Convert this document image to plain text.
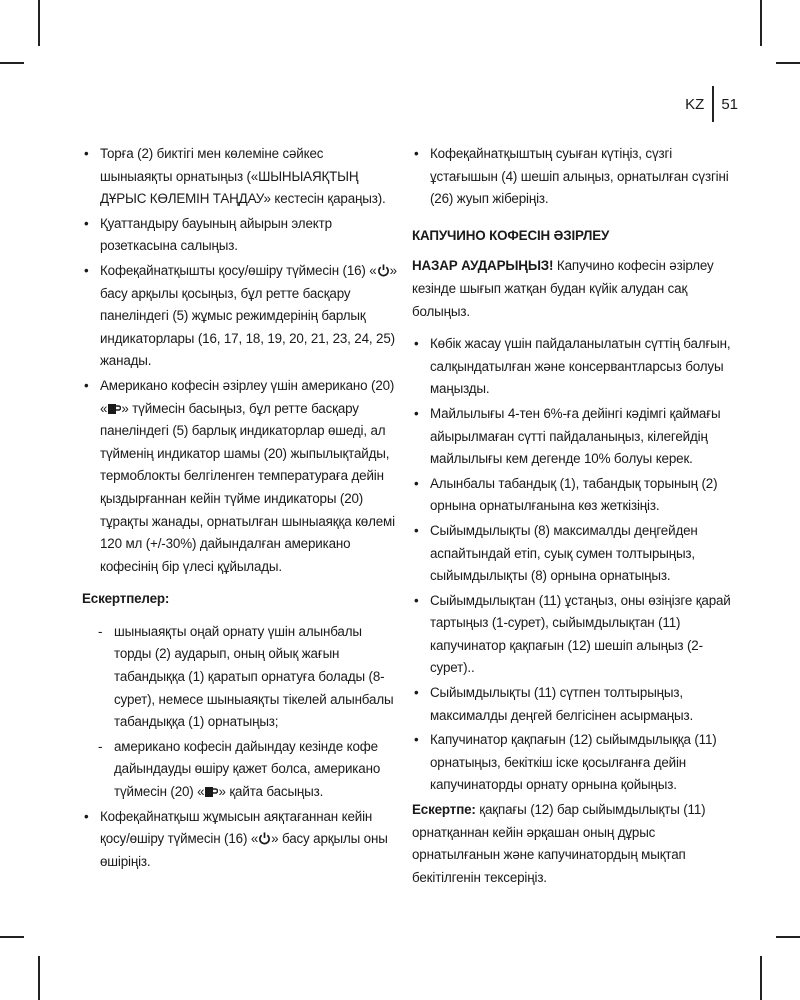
KZ 51
• Торға (2) биктігі мен көлеміне сәйкес шыныаяқты орнатыңыз («ШЫНЫАЯҚТЫҢ ДҰРЫС КӨЛЕМІН ТАҢДАУ» кестесін қараңыз).
• Қуаттандыру бауының айырын электр розеткасына салыңыз.
• Кофеқайнатқышты қосу/өшіру түймесін (16) « » басу арқылы қосыңыз, бұл ретте басқару панеліндегі (5) жұмыс режимдерінің барлық индикаторлары (16, 17, 18, 19, 20, 21, 23, 24, 25) жанады.
• Американо кофесін әзірлеу үшін американо (20) « » түймесін басыңыз, бұл ретте басқару панеліндегі (5) барлық индикаторлар өшеді, ал түйменің индикатор шамы (20) жыпылықтайды, термоблокты белгіленген температураға дейін қыздырғаннан кейін түйме индикаторы (20) тұрақты жанады, орнатылған шыныаяққа көлемі 120 мл (+/-30%) дайындалған американо кофесінің бір үлесі құйылады.
Ескертпелер:
- шыныаяқты оңай орнату үшін алынбалы торды (2) аударып, оның ойық жағын табандыққа (1) қаратып орнатуға болады (8-сурет), немесе шыныаяқты тікелей алынбалы табандыққа (1) орнатыңыз;
- американо кофесін дайындау кезінде кофе дайындауды өшіру қажет болса, американо түймесін (20) « » қайта басыңыз.
• Кофеқайнатқыш жұмысын аяқтағаннан кейін қосу/өшіру түймесін (16) « » басу арқылы оны өшіріңіз.
• Кофеқайнатқыштың суыған күтіңіз, сүзгі ұстағышын (4) шешіп алыңыз, орнатылған сүзгіні (26) жуып жіберіңіз.
КАПУЧИНО КОФЕСІН ӘЗІРЛЕУ

НАЗАР АУДАРЫҢЫЗ! Капучино кофесін әзірлеу кезінде шығып жатқан будан күйік алудан сақ болыңыз.

• Көбік жасау үшін пайдаланылатын сүттің балғын, салқындатылған және консервантларсыз болуы маңызды.
• Майлылығы 4-тен 6%-ға дейінгі кәдімгі қаймағы айырылмаған сүтті пайдаланыңыз, кілегейдің майлылығы кем дегенде 10% болуы керек.
• Алынбалы табандық (1), табандық торының (2) орнына орнатылғанына көз жеткізіңіз.
• Сыйымдылықты (8) максималды деңгейден аспайтындай етіп, суық сумен толтырыңыз, сыйымдылықты (8) орнына орнатыңыз.
• Сыйымдылықтан (11) ұстаңыз, оны өзіңізге қарай тартыңыз (1-сурет), сыйымдылықтан (11) капучинатор қақпағын (12) шешіп алыңыз (2-сурет)..
• Сыйымдылықты (11) сүтпен толтырыңыз, максималды деңгей белгісінен асырмаңыз.
• Капучинатор қақпағын (12) сыйымдылыққа (11) орнатыңыз, бекіткіш іске қосылғанға дейін капучинаторды орнату орнына қойыңыз.

Ескертпе: қақпағы (12) бар сыйымдылықты (11) орнатқаннан кейін әрқашан оның дұрыс орнатылғанын және капучинатордың мықтап бекітілгенін тексеріңіз.
